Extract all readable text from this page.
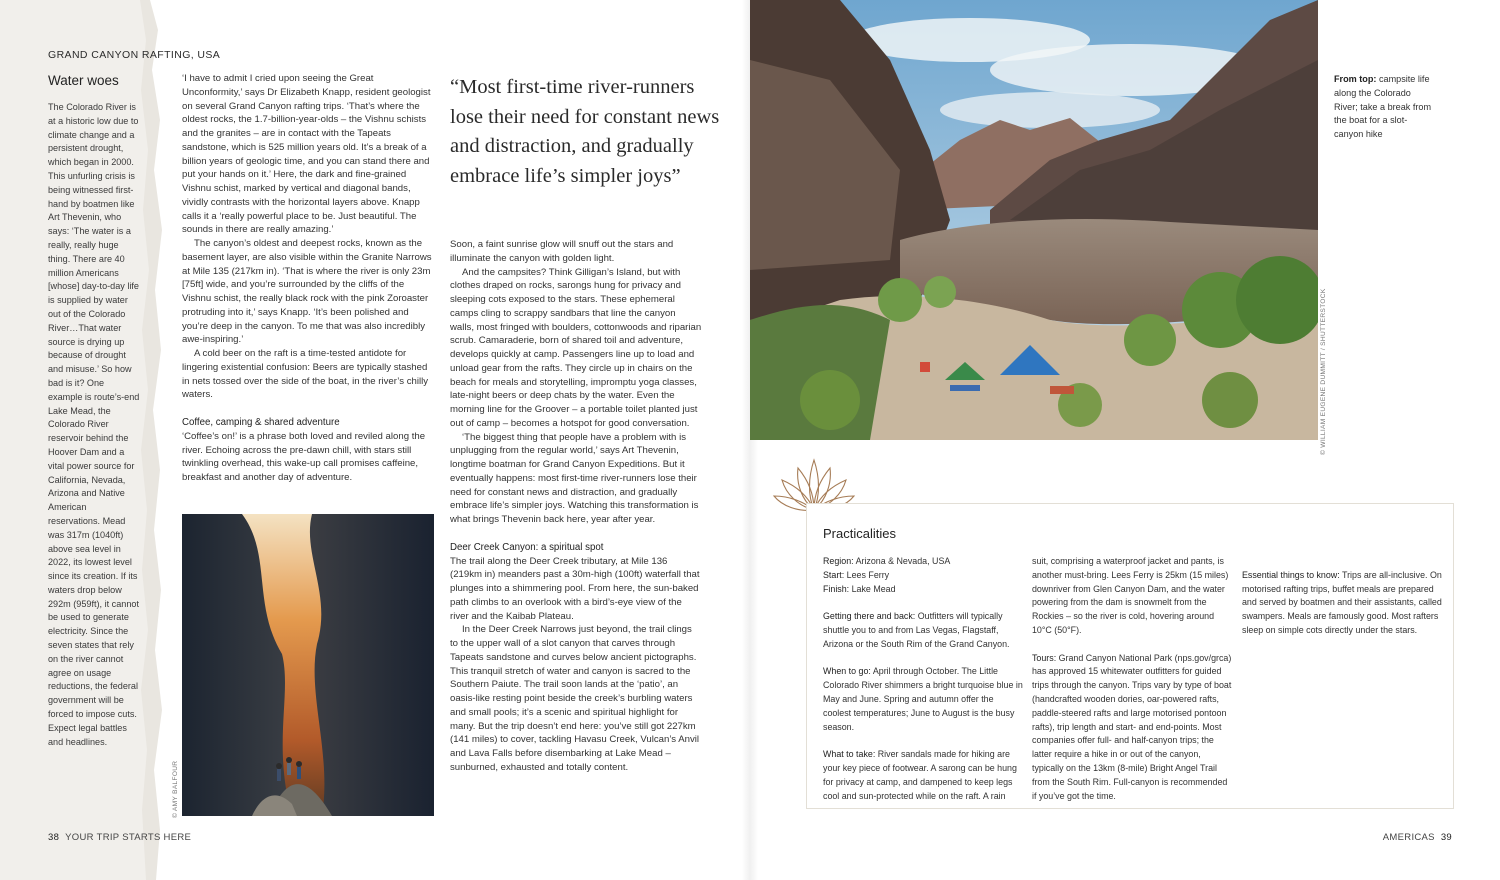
GRAND CANYON RAFTING, USA
Water woes
The Colorado River is at a historic low due to climate change and a persistent drought, which began in 2000. This unfurling crisis is being witnessed first-hand by boatmen like Art Thevenin, who says: ‘The water is a really, really huge thing. There are 40 million Americans [whose] day-to-day life is supplied by water out of the Colorado River…That water source is drying up because of drought and misuse.’ So how bad is it? One example is route’s-end Lake Mead, the Colorado River reservoir behind the Hoover Dam and a vital power source for California, Nevada, Arizona and Native American reservations. Mead was 317m (1040ft) above sea level in 2022, its lowest level since its creation. If its waters drop below 292m (959ft), it cannot be used to generate electricity. Since the seven states that rely on the river cannot agree on usage reductions, the federal government will be forced to impose cuts. Expect legal battles and headlines.

‘I have to admit I cried upon seeing the Great Unconformity,’ says Dr Elizabeth Knapp, resident geologist on several Grand Canyon rafting trips. ‘That’s where the oldest rocks, the 1.7-billion-year-olds – the Vishnu schists and the granites – are in contact with the Tapeats sandstone, which is 525 million years old. It’s a break of a billion years of geologic time, and you can stand there and put your hands on it.’ Here, the dark and fine-grained Vishnu schist, marked by vertical and diagonal bands, vividly contrasts with the horizontal layers above. Knapp calls it a ‘really powerful place to be. Just beautiful. The sounds in there are really amazing.’

The canyon’s oldest and deepest rocks, known as the basement layer, are also visible within the Granite Narrows at Mile 135 (217km in). ‘That is where the river is only 23m [75ft] wide, and you’re surrounded by the cliffs of the Vishnu schist, the really black rock with the pink Zoroaster protruding into it,’ says Knapp. ‘It’s been polished and you’re deep in the canyon. To me that was also incredibly awe-inspiring.’

A cold beer on the raft is a time-tested antidote for lingering existential confusion: Beers are typically stashed in nets tossed over the side of the boat, in the river’s chilly waters.

Coffee, camping & shared adventure

‘Coffee’s on!’ is a phrase both loved and reviled along the river. Echoing across the pre-dawn chill, with stars still twinkling overhead, this wake-up call promises caffeine, breakfast and another day of adventure.

“Most first-time river-runners lose their need for constant news and distraction, and gradually embrace life’s simpler joys”

Soon, a faint sunrise glow will snuff out the stars and illuminate the canyon with golden light.

And the campsites? Think Gilligan’s Island, but with clothes draped on rocks, sarongs hung for privacy and sleeping cots exposed to the stars. These ephemeral camps cling to scrappy sandbars that line the canyon walls, most fringed with boulders, cottonwoods and riparian scrub. Camaraderie, born of shared toil and adventure, develops quickly at camp. Passengers line up to load and unload gear from the rafts. They circle up in chairs on the beach for meals and storytelling, impromptu yoga classes, late-night beers or deep chats by the water. Even the morning line for the Groover – a portable toilet planted just out of camp – becomes a hotspot for good conversation.

‘The biggest thing that people have a problem with is unplugging from the regular world,’ says Art Thevenin, longtime boatman for Grand Canyon Expeditions. But it eventually happens: most first-time river-runners lose their need for constant news and distraction, and gradually embrace life’s simpler joys. Watching this transformation is what brings Thevenin back here, year after year.

Deer Creek Canyon: a spiritual spot

The trail along the Deer Creek tributary, at Mile 136 (219km in) meanders past a 30m-high (100ft) waterfall that plunges into a shimmering pool. From here, the sun-baked path climbs to an overlook with a bird’s-eye view of the river and the Kaibab Plateau.

In the Deer Creek Narrows just beyond, the trail clings to the upper wall of a slot canyon that carves through Tapeats sandstone and curves below ancient pictographs. This tranquil stretch of water and canyon is sacred to the Southern Paiute. The trail soon lands at the ‘patio’, an oasis-like resting point beside the creek’s burbling waters and small pools; it’s a scenic and spiritual highlight for many. But the trip doesn’t end here: you’ve still got 227km (141 miles) to cover, tackling Havasu Creek, Vulcan’s Anvil and Lava Falls before disembarking at Lake Mead – sunburned, exhausted and totally content.

© AMY BALFOUR
© WILLIAM EUGENE DUMMITT / SHUTTERSTOCK
From top: campsite life along the Colorado River; take a break from the boat for a slot-canyon hike
Practicalities
Region: Arizona & Nevada, USA
Start: Lees Ferry
Finish: Lake Mead
Getting there and back: Outfitters will typically shuttle you to and from Las Vegas, Flagstaff, Arizona or the South Rim of the Grand Canyon.
When to go: April through October. The Little Colorado River shimmers a bright turquoise blue in May and June. Spring and autumn offer the coolest temperatures; June to August is the busy season.
What to take: River sandals made for hiking are your key piece of footwear. A sarong can be hung for privacy at camp, and dampened to keep legs cool and sun-protected while on the raft. A rain
suit, comprising a waterproof jacket and pants, is another must-bring. Lees Ferry is 25km (15 miles) downriver from Glen Canyon Dam, and the water powering from the dam is snowmelt from the Rockies – so the river is cold, hovering around 10°C (50°F).
Tours: Grand Canyon National Park (nps.gov/grca) has approved 15 whitewater outfitters for guided trips through the canyon. Trips vary by type of boat (handcrafted wooden dories, oar-powered rafts, paddle-steered rafts and large motorised pontoon rafts), trip length and start- and end-points. Most companies offer full- and half-canyon trips; the latter require a hike in or out of the canyon, typically on the 13km (8-mile) Bright Angel Trail from the South Rim. Full-canyon is recommended if you’ve got the time.
Essential things to know: Trips are all-inclusive. On motorised rafting trips, buffet meals are prepared and served by boatmen and their assistants, called swampers. Meals are famously good. Most rafters sleep on simple cots directly under the stars.
38 YOUR TRIP STARTS HERE	AMERICAS 39
